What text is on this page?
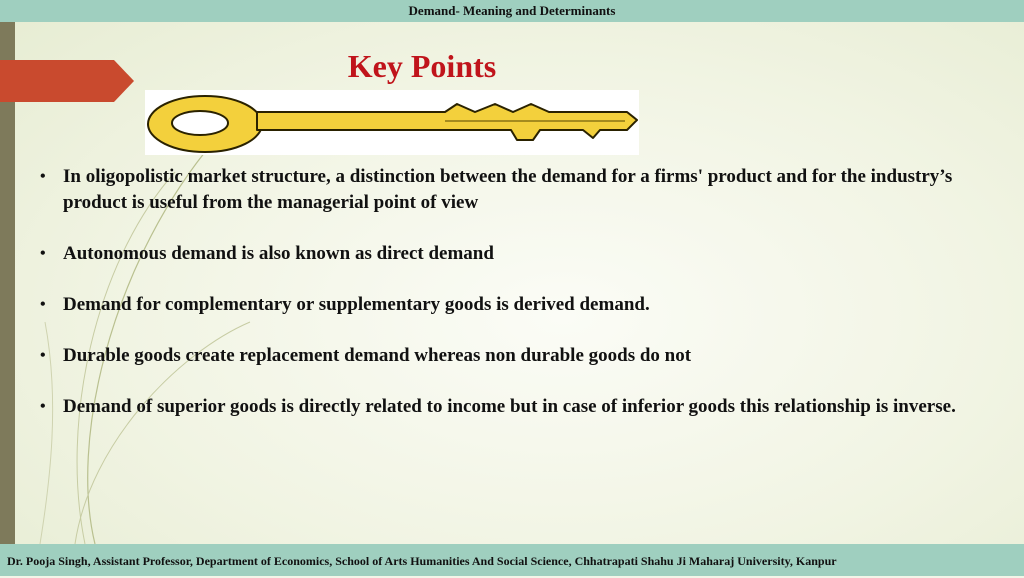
Demand- Meaning and Determinants
Key Points
• In oligopolistic market structure, a distinction between the demand for a firms' product and for the industry’s product is useful from the managerial point of view
• Autonomous demand is also known as direct demand
• Demand for complementary or supplementary goods is derived demand.
• Durable goods create replacement demand whereas non durable goods do not
• Demand of superior goods is directly related to income but in case of inferior goods this relationship is inverse.
Dr. Pooja Singh, Assistant Professor, Department of Economics, School of Arts Humanities And Social Science, Chhatrapati Shahu Ji Maharaj University, Kanpur
